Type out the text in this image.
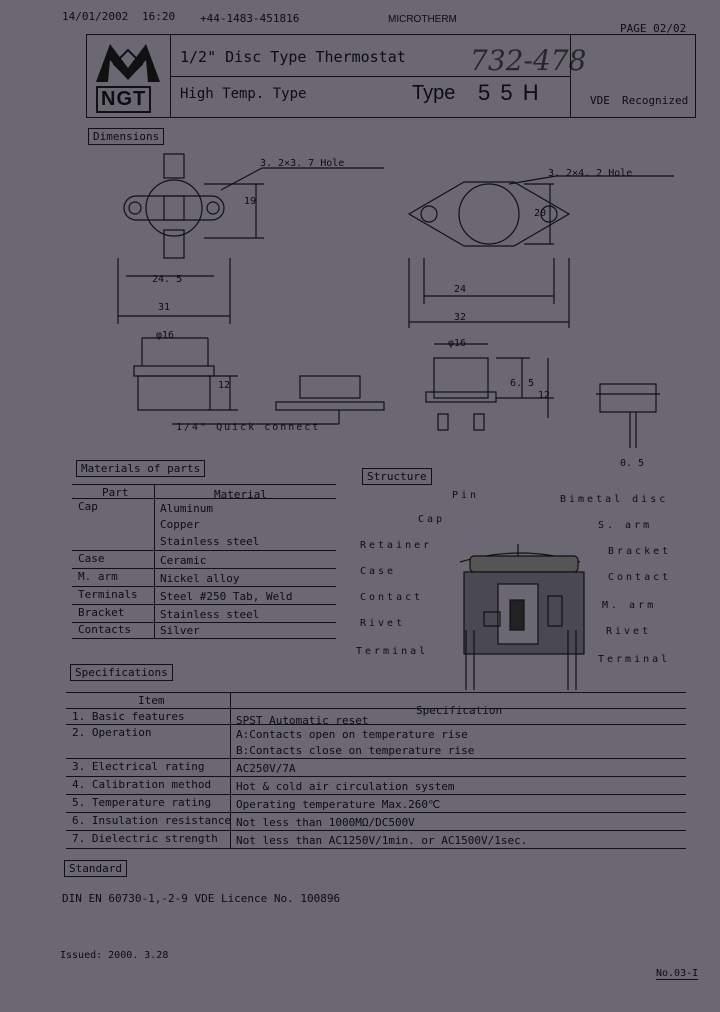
14/01/2002 16:20 +44-1483-451816	MICROTHERM
PAGE 02/02
NGT
1/2" Disc Type Thermostat
High Temp. Type	Type 5 5 H	VDE Recognized
732-478
Dimensions
3. 2×3. 7 Hole
3. 2×4. 2 Hole
19
24. 5
31
20
24
32
φ16
φ16
12	6. 5
12
0. 5
1/4" Quick connect
Materials of parts
Part	Material
Cap	Aluminum
Copper
Stainless steel
Case	Ceramic
M. arm	Nickel alloy
Terminals Steel #250 Tab, Weld
Bracket	Stainless steel
Contacts	Silver
Structure
Pin	Bimetal disc
Cap
Retainer
Case
Contact
Rivet
Terminal
S. arm
Bracket
Contact
M. arm
Rivet
Terminal
Specifications
Item
Specification
1. Basic features	SPST Automatic reset
2. Operation	A:Contacts open on temperature rise
B:Contacts close on temperature rise
3. Electrical rating	AC250V/7A
4. Calibration method Hot & cold air circulation system
5. Temperature rating Operating temperature Max.260℃
6. Insulation resistance Not less than 1000MΩ/DC500V
7. Dielectric strength Not less than AC1250V/1min. or AC1500V/1sec.
Standard
DIN EN 60730-1,-2-9 VDE Licence No. 100896
Issued: 2000. 3.28
No.03-I
